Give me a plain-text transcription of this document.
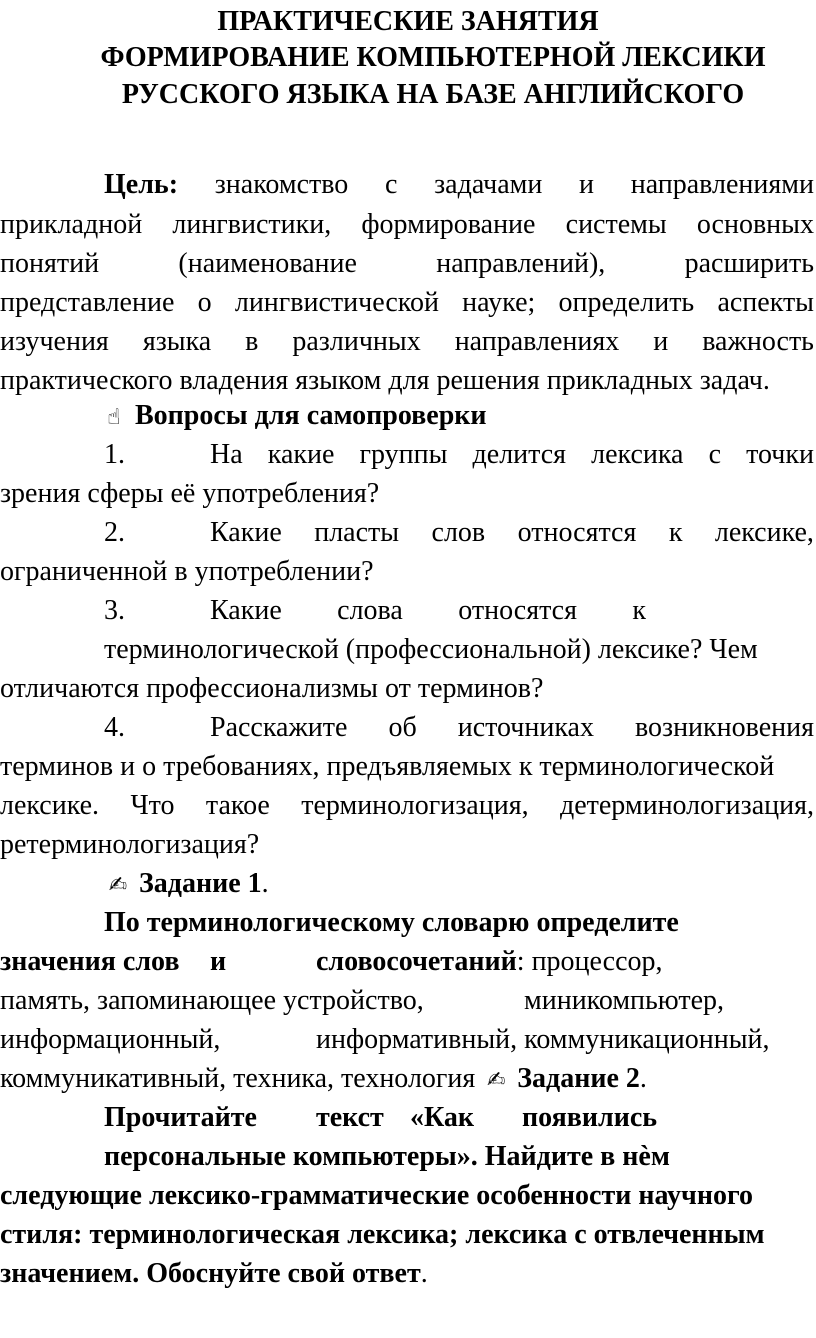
ПРАКТИЧЕСКИЕ ЗАНЯТИЯ
ФОРМИРОВАНИЕ КОМПЬЮТЕРНОЙ ЛЕКСИКИ
РУССКОГО ЯЗЫКА НА БАЗЕ АНГЛИЙСКОГО
Цель: знакомство с задачами и направлениями
прикладной лингвистики, формирование системы основных
понятий	(наименование	направлений),	расширить
представление о лингвистической науке; определить аспекты
изучения языка в различных направлениях и важность
практического владения языком для решения прикладных задач.
☝ Вопросы для самопроверки
1.	На какие группы делится лексика с точки
зрения сферы её употребления?
2.	Какие пласты слов относятся к лексике,
ограниченной в употреблении?
3.	Какие слова относятся к
терминологической (профессиональной) лексике? Чем
отличаются профессионализмы от терминов?
4.	Расскажите об источниках возникновения
терминов и о требованиях, предъявляемых к терминологической
лексике. Что такое терминологизация, детерминологизация,
ретерминологизация?
✍ Задание 1.
По терминологическому словарю определите
значения слов и	словосочетаний: процессор,
память, запоминающее устройство,	миникомпьютер,
информационный,	информативный, коммуникационный,
коммуникативный, техника, технология ✍ Задание 2.
Прочитайте текст «Как появились
персональные компьютеры». Найдите в нѐм
следующие лексико-грамматические особенности научного
стиля: терминологическая лексика; лексика с отвлеченным
значением. Обоснуйте свой ответ.
